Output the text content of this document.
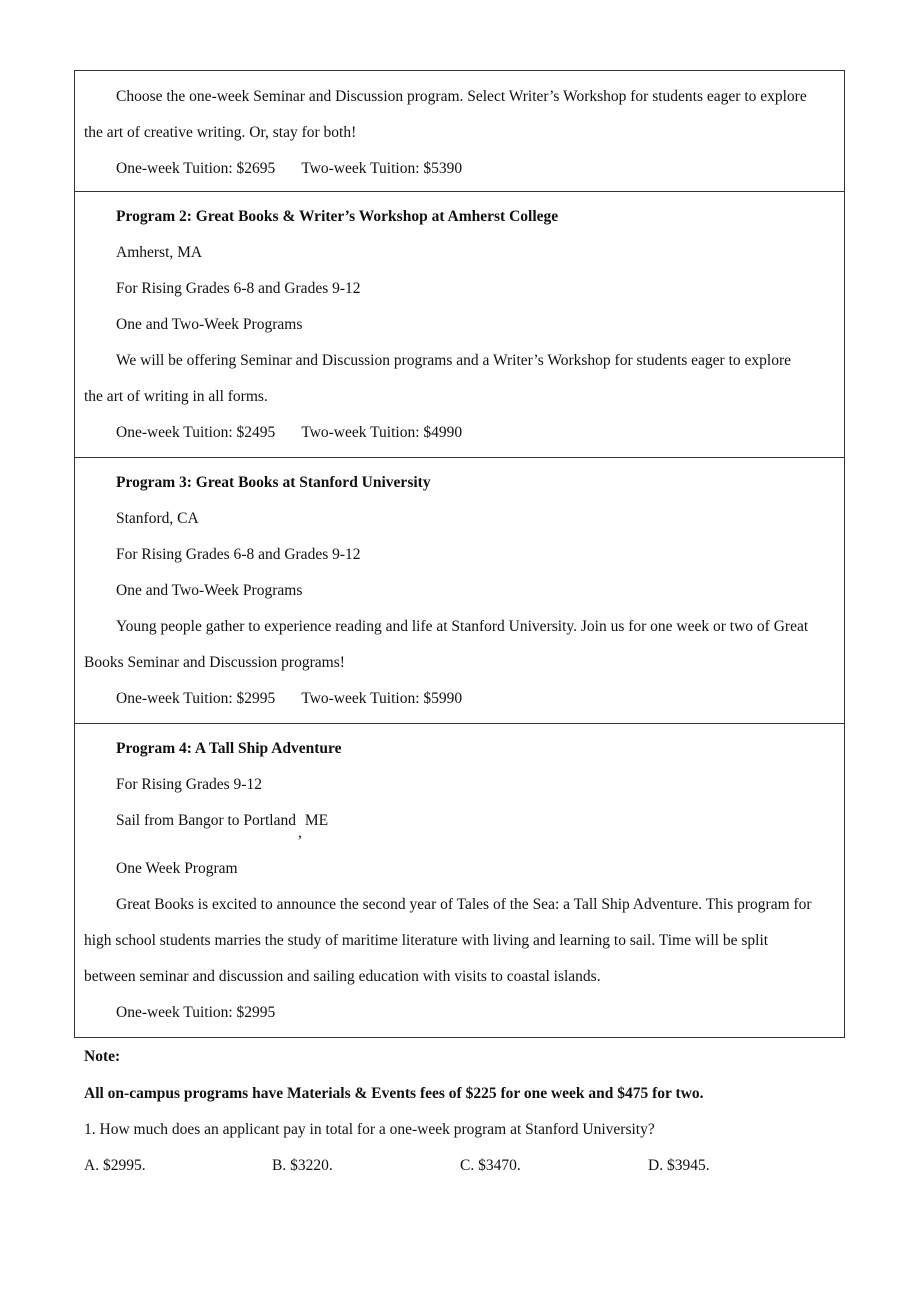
Choose the one-week Seminar and Discussion program. Select Writer’s Workshop for students eager to explore
the art of creative writing. Or, stay for both!
One-week Tuition: $2695 Two-week Tuition: $5390
Program 2: Great Books & Writer’s Workshop at Amherst College
Amherst, MA
For Rising Grades 6-8 and Grades 9-12
One and Two-Week Programs
We will be offering Seminar and Discussion programs and a Writer’s Workshop for students eager to explore
the art of writing in all forms.
One-week Tuition: $2495 Two-week Tuition: $4990
Program 3: Great Books at Stanford University
Stanford, CA
For Rising Grades 6-8 and Grades 9-12
One and Two-Week Programs
Young people gather to experience reading and life at Stanford University. Join us for one week or two of Great
Books Seminar and Discussion programs!
One-week Tuition: $2995 Two-week Tuition: $5990
Program 4: A Tall Ship Adventure
For Rising Grades 9-12
Sail from Bangor to Portland,ME
One Week Program
Great Books is excited to announce the second year of Tales of the Sea: a Tall Ship Adventure. This program for
high school students marries the study of maritime literature with living and learning to sail. Time will be split
between seminar and discussion and sailing education with visits to coastal islands.
One-week Tuition: $2995
Note:
All on-campus programs have Materials & Events fees of $225 for one week and $475 for two.
1. How much does an applicant pay in total for a one-week program at Stanford University?
A. $2995.	B. $3220.	C. $3470.	D. $3945.
